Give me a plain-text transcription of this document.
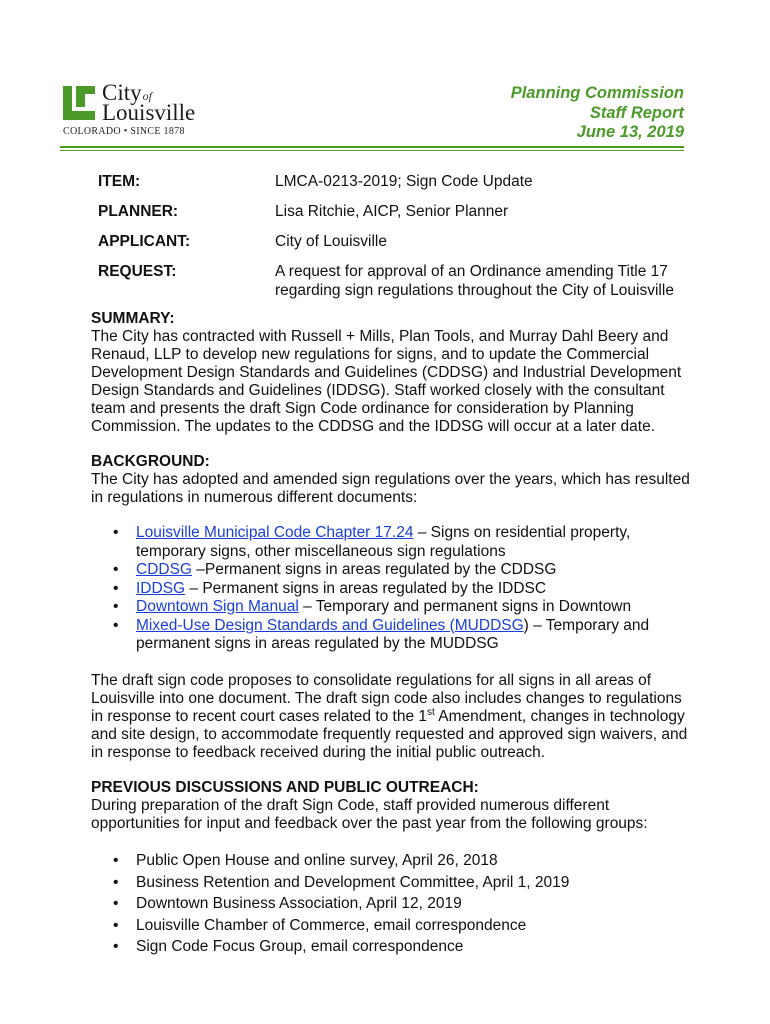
Cityof
Louisville
COLORADO • SINCE 1878
Planning Commission
Staff Report
June 13, 2019
ITEM:	LMCA-0213-2019; Sign Code Update
PLANNER:	Lisa Ritchie, AICP, Senior Planner
APPLICANT:	City of Louisville
REQUEST:	A request for approval of an Ordinance amending Title 17 regarding sign regulations throughout the City of Louisville
SUMMARY:
The City has contracted with Russell + Mills, Plan Tools, and Murray Dahl Beery and Renaud, LLP to develop new regulations for signs, and to update the Commercial Development Design Standards and Guidelines (CDDSG) and Industrial Development Design Standards and Guidelines (IDDSG). Staff worked closely with the consultant team and presents the draft Sign Code ordinance for consideration by Planning Commission. The updates to the CDDSG and the IDDSG will occur at a later date.
BACKGROUND:
The City has adopted and amended sign regulations over the years, which has resulted in regulations in numerous different documents:
• Louisville Municipal Code Chapter 17.24 – Signs on residential property, temporary signs, other miscellaneous sign regulations
• CDDSG –Permanent signs in areas regulated by the CDDSG
• IDDSG – Permanent signs in areas regulated by the IDDSC
• Downtown Sign Manual – Temporary and permanent signs in Downtown
• Mixed-Use Design Standards and Guidelines (MUDDSG) – Temporary and permanent signs in areas regulated by the MUDDSG
The draft sign code proposes to consolidate regulations for all signs in all areas of Louisville into one document. The draft sign code also includes changes to regulations in response to recent court cases related to the 1st Amendment, changes in technology and site design, to accommodate frequently requested and approved sign waivers, and in response to feedback received during the initial public outreach.
PREVIOUS DISCUSSIONS AND PUBLIC OUTREACH:
During preparation of the draft Sign Code, staff provided numerous different opportunities for input and feedback over the past year from the following groups:
• Public Open House and online survey, April 26, 2018
• Business Retention and Development Committee, April 1, 2019
• Downtown Business Association, April 12, 2019
• Louisville Chamber of Commerce, email correspondence
• Sign Code Focus Group, email correspondence
